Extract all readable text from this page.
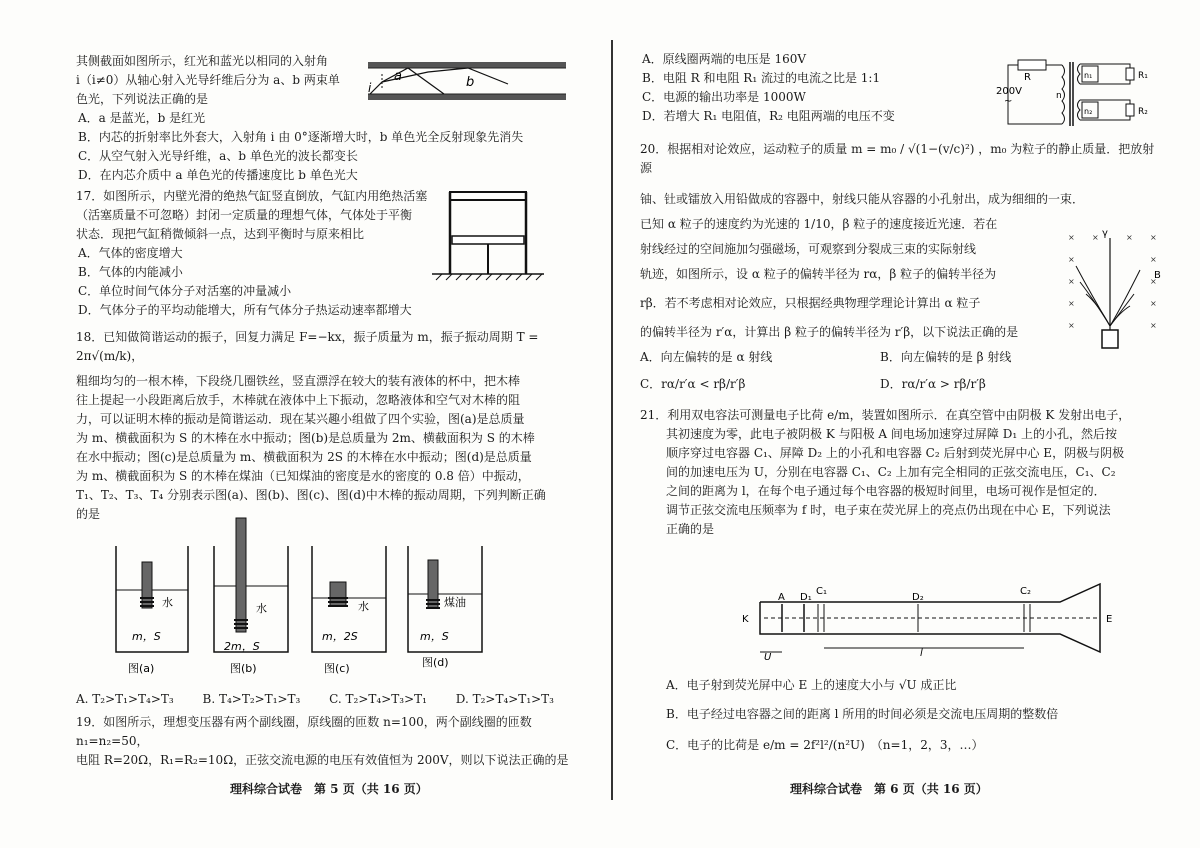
其侧截面如图所示，红光和蓝光以相同的入射角

i（i≠0）从轴心射入光导纤维后分为 a、b 两束单

色光，下列说法正确的是

A．a 是蓝光，b 是红光

B．内芯的折射率比外套大，入射角 i 由 0°逐渐增大时，b 单色光全反射现象先消失

C．从空气射入光导纤维，a、b 单色光的波长都变长

D．在内芯介质中 a 单色光的传播速度比 b 单色光大

17．如图所示，内壁光滑的绝热气缸竖直倒放，气缸内用绝热活塞

（活塞质量不可忽略）封闭一定质量的理想气体，气体处于平衡

状态．现把气缸稍微倾斜一点，达到平衡时与原来相比

A．气体的密度增大

B．气体的内能减小

C．单位时间气体分子对活塞的冲量减小

D．气体分子的平均动能增大，所有气体分子热运动速率都增大

18．已知做简谐运动的振子，回复力满足 F=−kx，振子质量为 m，振子振动周期 T = 2π√(m/k)，

粗细均匀的一根木棒，下段绕几圈铁丝，竖直漂浮在较大的装有液体的杯中，把木棒

往上提起一小段距离后放手，木棒就在液体中上下振动，忽略液体和空气对木棒的阻

力，可以证明木棒的振动是简谐运动．现在某兴趣小组做了四个实验，图(a)是总质量

为 m、横截面积为 S 的木棒在水中振动；图(b)是总质量为 2m、横截面积为 S 的木棒

在水中振动；图(c)是总质量为 m、横截面积为 2S 的木棒在水中振动；图(d)是总质量

为 m、横截面积为 S 的木棒在煤油（已知煤油的密度是水的密度的 0.8 倍）中振动，

T₁、T₂、T₃、T₄ 分别表示图(a)、图(b)、图(c)、图(d)中木棒的振动周期，下列判断正确

的是

a	b
i
水
m，S
图(a)
水
2m，S
图(b)
水
m，2S
图(c)
煤油
m，S
图(d)
A. T₂>T₁>T₄>T₃ B. T₄>T₂>T₁>T₃ C. T₂>T₄>T₃>T₁ D. T₂>T₄>T₁>T₃

19．如图所示，理想变压器有两个副线圈，原线圈的匝数 n=100，两个副线圈的匝数 n₁=n₂=50，

电阻 R=20Ω，R₁=R₂=10Ω，正弦交流电源的电压有效值恒为 200V，则以下说法正确的是

理科综合试卷　第 5 页（共 16 页）

A．原线圈两端的电压是 160V

B．电阻 R 和电阻 R₁ 流过的电流之比是 1:1

C．电源的输出功率是 1000W

D．若增大 R₁ 电阻值，R₂ 电阻两端的电压不变

20．根据相对论效应，运动粒子的质量 m = m₀ / √(1−(v/c)²) ，m₀ 为粒子的静止质量．把放射源

铀、钍或镭放入用铅做成的容器中，射线只能从容器的小孔射出，成为细细的一束．

已知 α 粒子的速度约为光速的 1/10，β 粒子的速度接近光速．若在

射线经过的空间施加匀强磁场，可观察到分裂成三束的实际射线

轨迹，如图所示，设 α 粒子的偏转半径为 rα，β 粒子的偏转半径为

rβ．若不考虑相对论效应，只根据经典物理学理论计算出 α 粒子

的偏转半径为 r′α，计算出 β 粒子的偏转半径为 r′β，以下说法正确的是

A．向左偏转的是 α 射线	B．向左偏转的是 β 射线
C．rα/r′α < rβ/r′β	D．rα/r′α > rβ/r′β

21．利用双电容法可测量电子比荷 e/m，装置如图所示．在真空管中由阴极 K 发射出电子，

其初速度为零，此电子被阴极 K 与阳极 A 间电场加速穿过屏障 D₁ 上的小孔，然后按

顺序穿过电容器 C₁、屏障 D₂ 上的小孔和电容器 C₂ 后射到荧光屏中心 E，阴极与阴极

间的加速电压为 U，分别在电容器 C₁、C₂ 上加有完全相同的正弦交流电压，C₁、C₂

之间的距离为 l，在每个电子通过每个电容器的极短时间里，电场可视作是恒定的．

调节正弦交流电压频率为 f 时，电子束在荧光屏上的亮点仍出现在中心 E，下列说法

正确的是

R	n₁
n₂
n
R₁
R₂
200V
~
× ×	× ×
×	×
×	×
×	×
×	×
γ
B
K
A D₁
C₁
D₂
C₂
E
U	l

A．电子射到荧光屏中心 E 上的速度大小与 √U 成正比

B．电子经过电容器之间的距离 l 所用的时间必须是交流电压周期的整数倍

C．电子的比荷是 e/m = 2f²l²/(n²U)　（n=1，2，3，…）

理科综合试卷　第 6 页（共 16 页）
